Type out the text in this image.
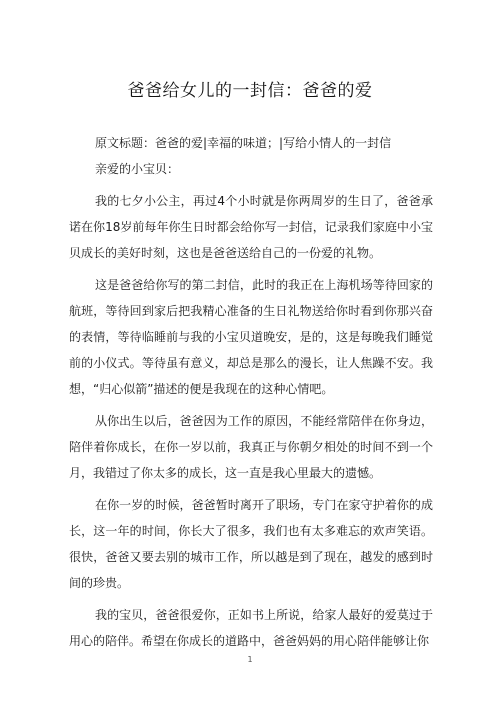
爸爸给女儿的一封信：爸爸的爱

原文标题：爸爸的爱|幸福的味道；|写给小情人的一封信

亲爱的小宝贝：

我的七夕小公主，再过4个小时就是你两周岁的生日了，爸爸承诺在你18岁前每年你生日时都会给你写一封信，记录我们家庭中小宝贝成长的美好时刻，这也是爸爸送给自己的一份爱的礼物。

这是爸爸给你写的第二封信，此时的我正在上海机场等待回家的航班，等待回到家后把我精心准备的生日礼物送给你时看到你那兴奋的表情，等待临睡前与我的小宝贝道晚安，是的，这是每晚我们睡觉前的小仪式。等待虽有意义，却总是那么的漫长，让人焦躁不安。我想，“归心似箭”描述的便是我现在的这种心情吧。

从你出生以后，爸爸因为工作的原因，不能经常陪伴在你身边，陪伴着你成长，在你一岁以前，我真正与你朝夕相处的时间不到一个月，我错过了你太多的成长，这一直是我心里最大的遗憾。

在你一岁的时候，爸爸暂时离开了职场，专门在家守护着你的成长，这一年的时间，你长大了很多，我们也有太多难忘的欢声笑语。很快，爸爸又要去别的城市工作，所以越是到了现在，越发的感到时间的珍贵。

我的宝贝，爸爸很爱你，正如书上所说，给家人最好的爱莫过于用心的陪伴。希望在你成长的道路中，爸爸妈妈的用心陪伴能够让你

1
